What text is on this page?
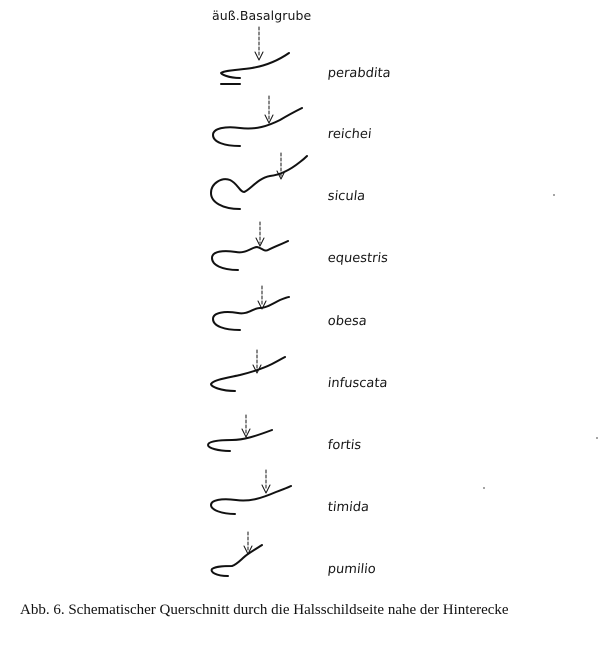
äuß.Basalgrube
perabdita
reichei
sicula
equestris
obesa
infuscata
fortis
timida
pumilio
Abb. 6. Schematischer Querschnitt durch die Halsschildseite nahe der Hinterecke
